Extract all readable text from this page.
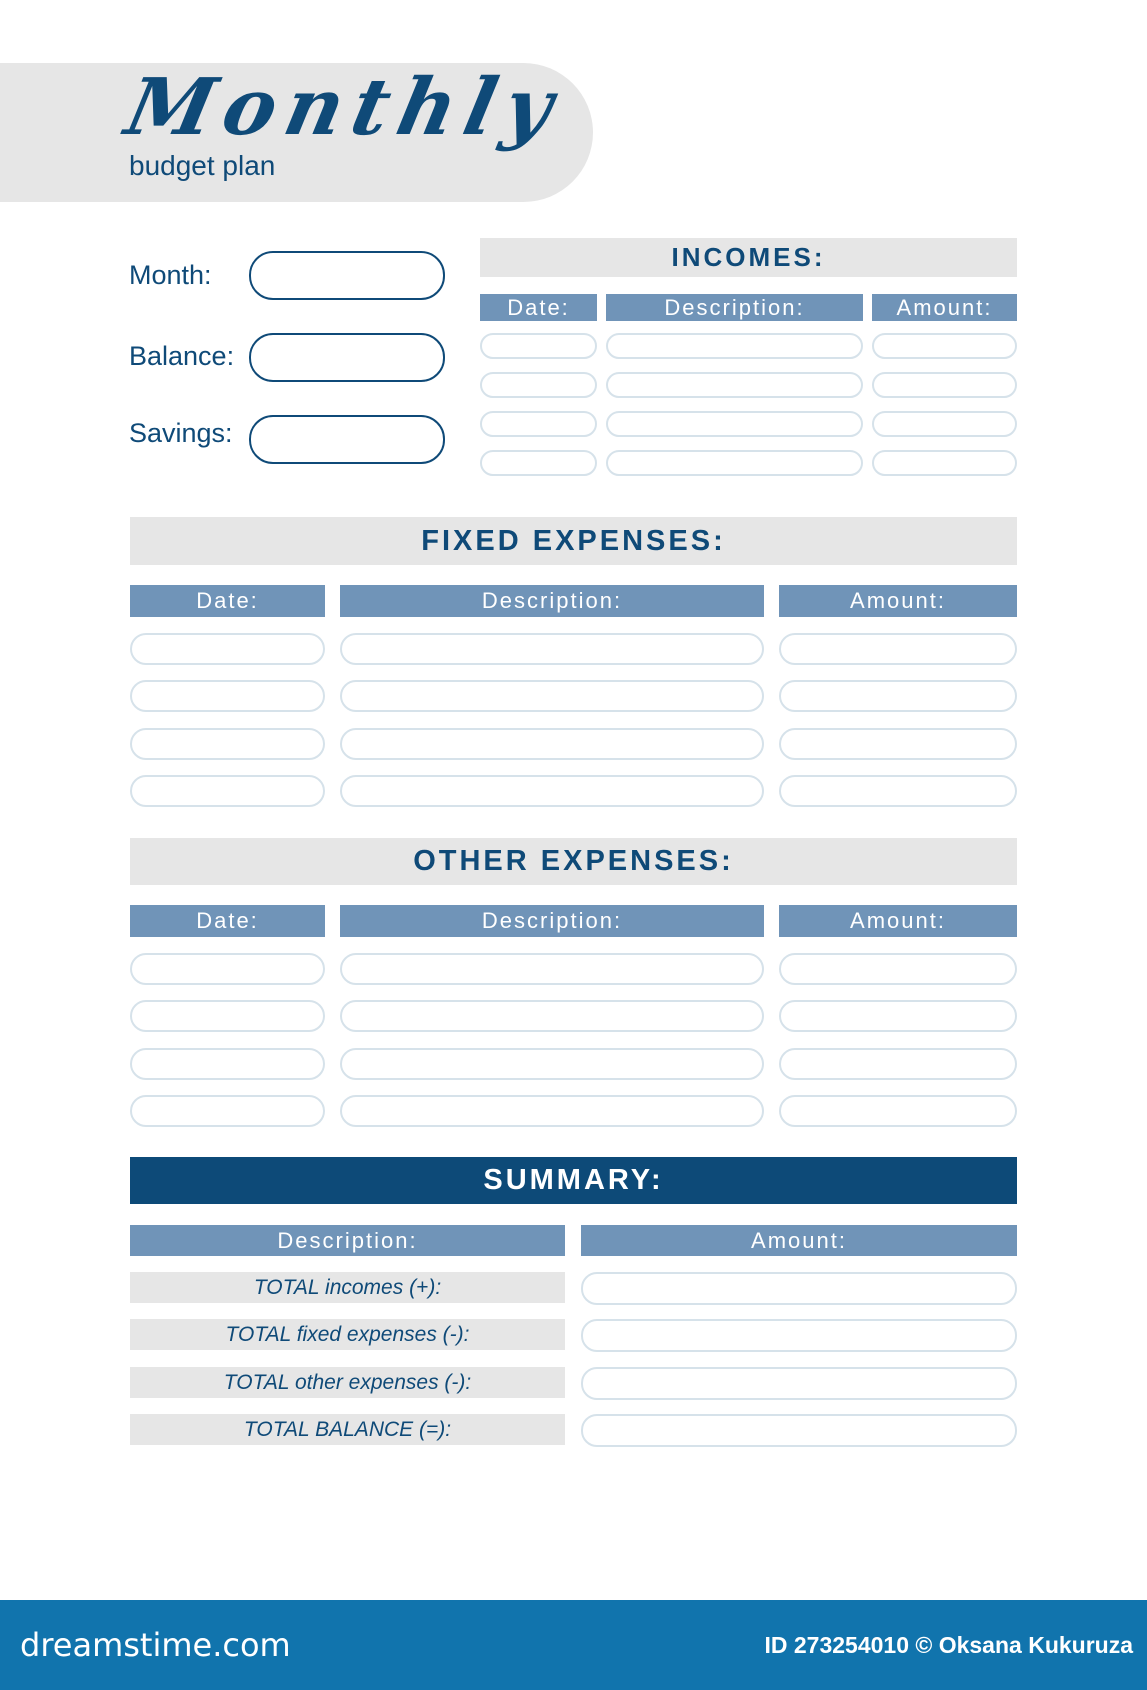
Monthly
budget plan
Month:
Balance:
Savings:
INCOMES:
Date:	Description:	Amount:
FIXED EXPENSES:
Date:	Description:	Amount:
OTHER EXPENSES:
Date:	Description:	Amount:
SUMMARY:
Description:	Amount:
TOTAL incomes (+):
TOTAL fixed expenses (-):
TOTAL other expenses (-):
TOTAL BALANCE (=):
dreamstime.com	ID 273254010 © Oksana Kukuruza
